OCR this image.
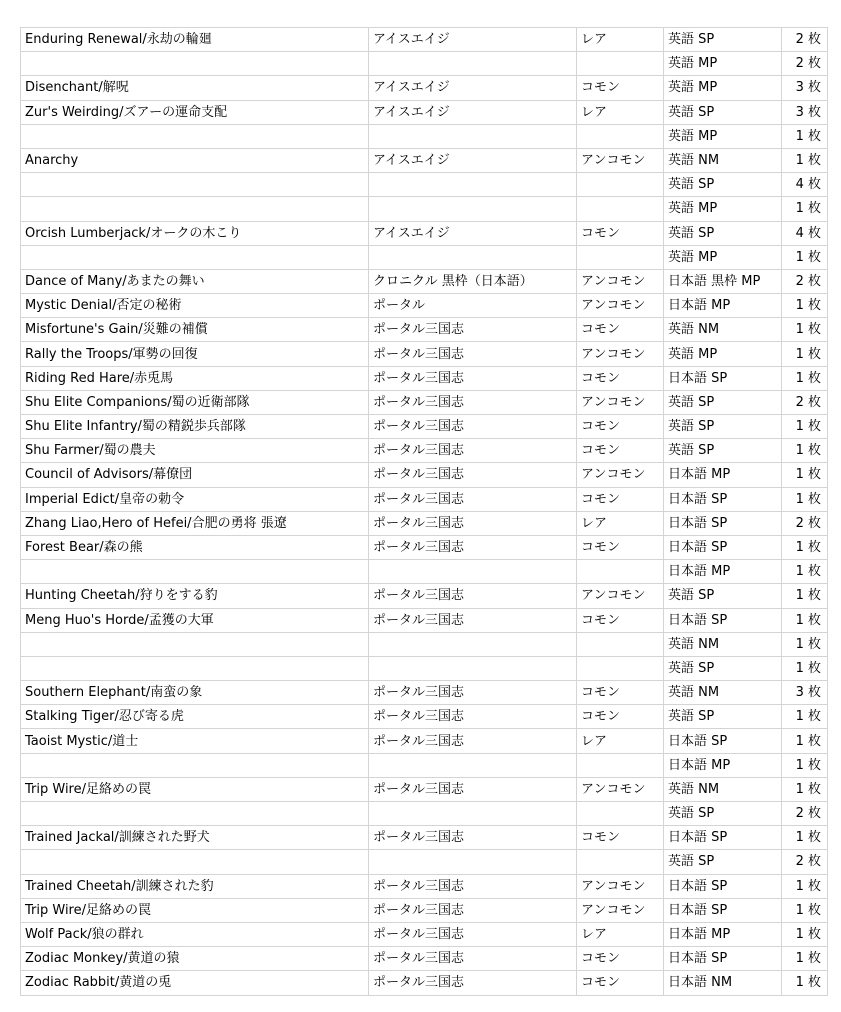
Enduring Renewal/永劫の輪廻	アイスエイジ	レア	英語 SP	2 枚
			英語 MP	2 枚
Disenchant/解呪	アイスエイジ	コモン	英語 MP	3 枚
Zur's Weirding/ズアーの運命支配	アイスエイジ	レア	英語 SP	3 枚
			英語 MP	1 枚
Anarchy	アイスエイジ	アンコモン	英語 NM	1 枚
			英語 SP	4 枚
			英語 MP	1 枚
Orcish Lumberjack/オークの木こり	アイスエイジ	コモン	英語 SP	4 枚
			英語 MP	1 枚
Dance of Many/あまたの舞い	クロニクル 黒枠（日本語）	アンコモン	日本語 黒枠 MP	2 枚
Mystic Denial/否定の秘術	ポータル	アンコモン	日本語 MP	1 枚
Misfortune's Gain/災難の補償	ポータル三国志	コモン	英語 NM	1 枚
Rally the Troops/軍勢の回復	ポータル三国志	アンコモン	英語 MP	1 枚
Riding Red Hare/赤兎馬	ポータル三国志	コモン	日本語 SP	1 枚
Shu Elite Companions/蜀の近衛部隊	ポータル三国志	アンコモン	英語 SP	2 枚
Shu Elite Infantry/蜀の精鋭歩兵部隊	ポータル三国志	コモン	英語 SP	1 枚
Shu Farmer/蜀の農夫	ポータル三国志	コモン	英語 SP	1 枚
Council of Advisors/幕僚団	ポータル三国志	アンコモン	日本語 MP	1 枚
Imperial Edict/皇帝の勅令	ポータル三国志	コモン	日本語 SP	1 枚
Zhang Liao,Hero of Hefei/合肥の勇将 張遼	ポータル三国志	レア	日本語 SP	2 枚
Forest Bear/森の熊	ポータル三国志	コモン	日本語 SP	1 枚
			日本語 MP	1 枚
Hunting Cheetah/狩りをする豹	ポータル三国志	アンコモン	英語 SP	1 枚
Meng Huo's Horde/孟獲の大軍	ポータル三国志	コモン	日本語 SP	1 枚
			英語 NM	1 枚
			英語 SP	1 枚
Southern Elephant/南蛮の象	ポータル三国志	コモン	英語 NM	3 枚
Stalking Tiger/忍び寄る虎	ポータル三国志	コモン	英語 SP	1 枚
Taoist Mystic/道士	ポータル三国志	レア	日本語 SP	1 枚
			日本語 MP	1 枚
Trip Wire/足絡めの罠	ポータル三国志	アンコモン	英語 NM	1 枚
			英語 SP	2 枚
Trained Jackal/訓練された野犬	ポータル三国志	コモン	日本語 SP	1 枚
			英語 SP	2 枚
Trained Cheetah/訓練された豹	ポータル三国志	アンコモン	日本語 SP	1 枚
Trip Wire/足絡めの罠	ポータル三国志	アンコモン	日本語 SP	1 枚
Wolf Pack/狼の群れ	ポータル三国志	レア	日本語 MP	1 枚
Zodiac Monkey/黄道の猿	ポータル三国志	コモン	日本語 SP	1 枚
Zodiac Rabbit/黄道の兎	ポータル三国志	コモン	日本語 NM	1 枚
